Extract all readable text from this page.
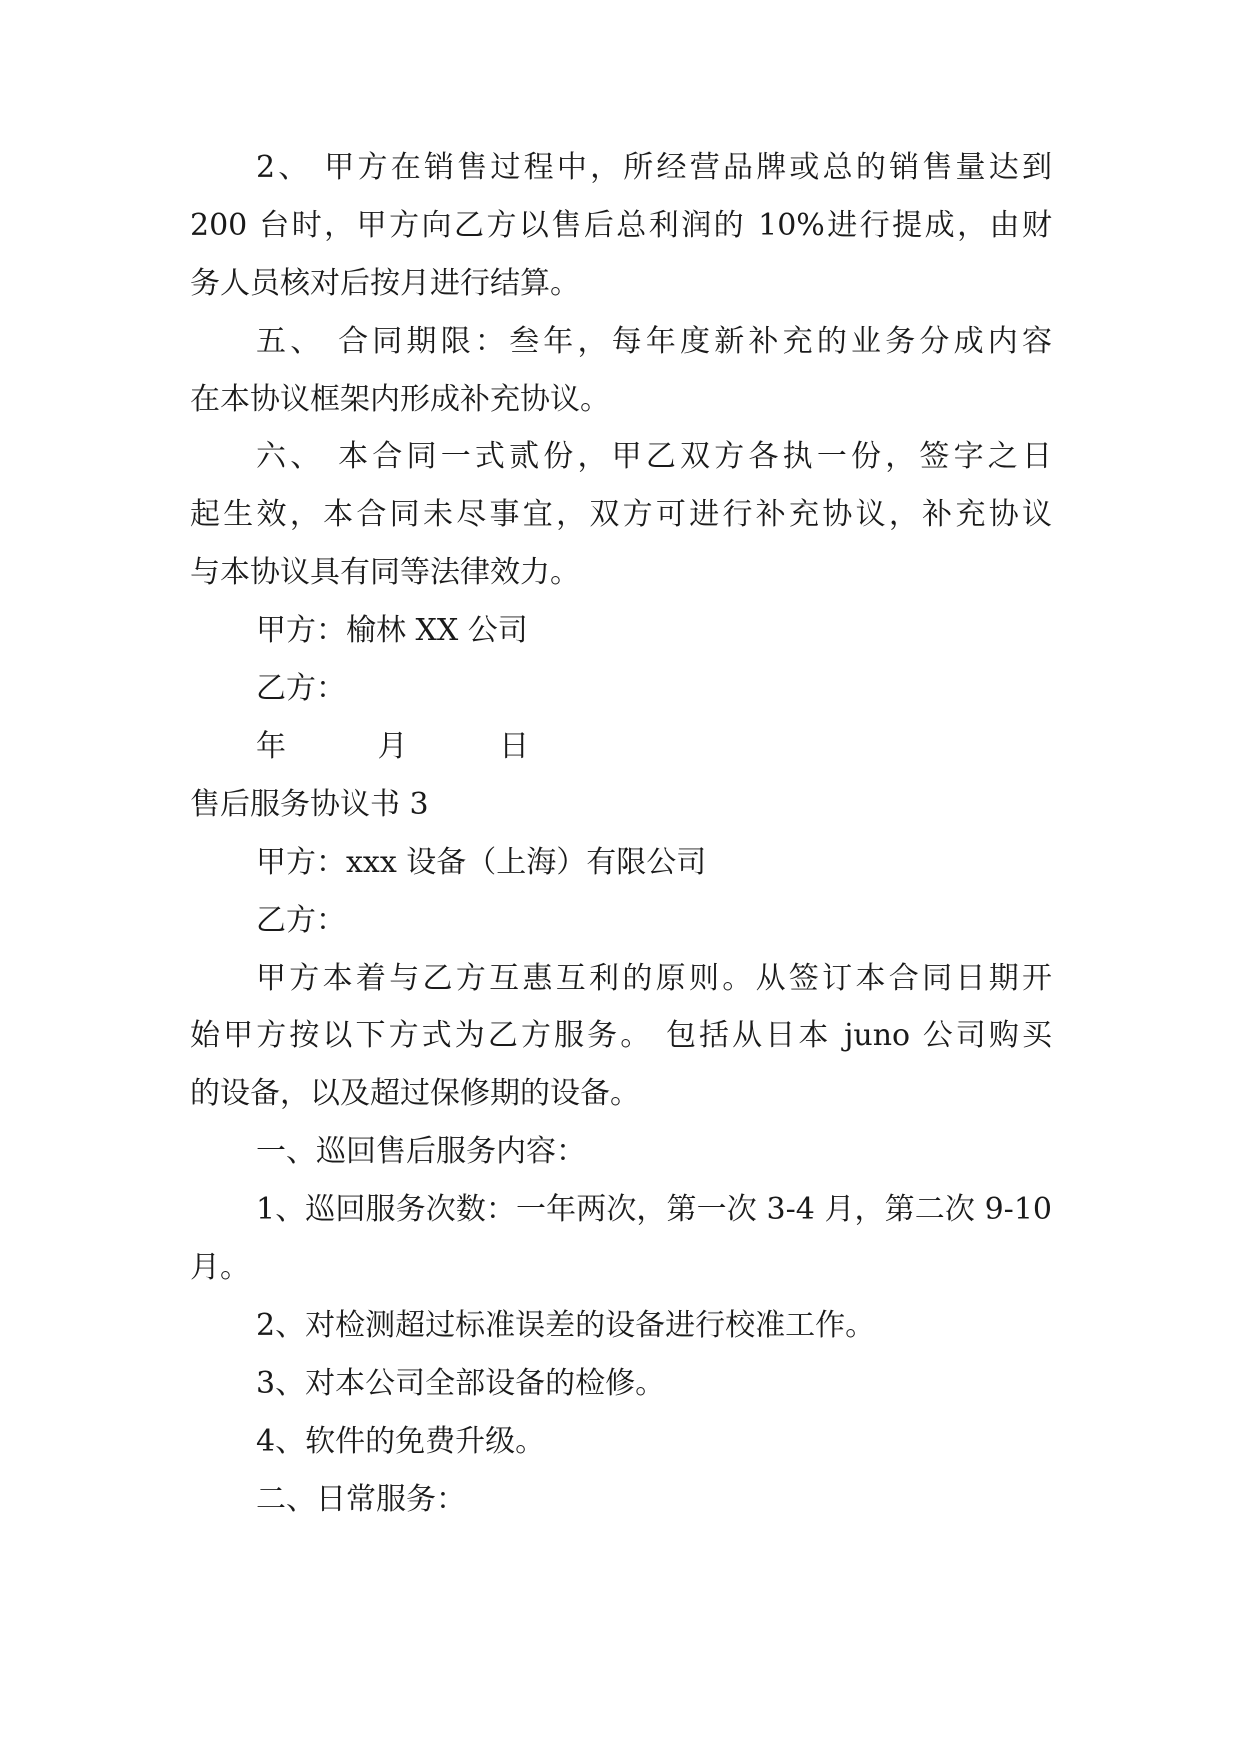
2、 甲方在销售过程中，所经营品牌或总的销售量达到

200 台时，甲方向乙方以售后总利润的 10%进行提成，由财

务人员核对后按月进行结算。

五、 合同期限：叁年，每年度新补充的业务分成内容

在本协议框架内形成补充协议。

六、 本合同一式贰份，甲乙双方各执一份，签字之日

起生效，本合同未尽事宜，双方可进行补充协议，补充协议

与本协议具有同等法律效力。

甲方：榆林 XX 公司

乙方：

年	月	日

售后服务协议书 3

甲方：xxx 设备（上海）有限公司

乙方：

甲方本着与乙方互惠互利的原则。从签订本合同日期开

始甲方按以下方式为乙方服务。 包括从日本 juno 公司购买

的设备，以及超过保修期的设备。

一、巡回售后服务内容：

1、巡回服务次数：一年两次，第一次 3-4 月，第二次 9-10

月。

2、对检测超过标准误差的设备进行校准工作。

3、对本公司全部设备的检修。

4、软件的免费升级。

二、日常服务：
